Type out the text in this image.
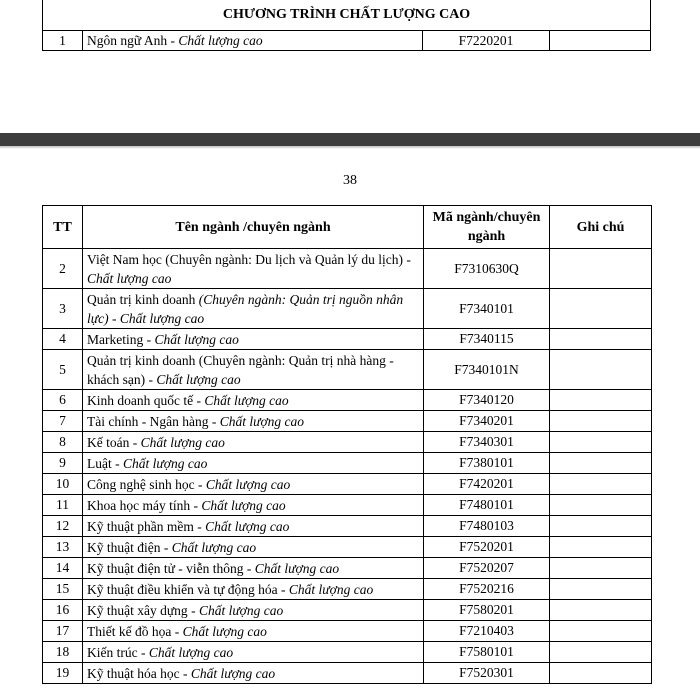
CHƯƠNG TRÌNH CHẤT LƯỢNG CAO
1	Ngôn ngữ Anh - Chất lượng cao	F7220201	
38
TT	Tên ngành /chuyên ngành	Mã ngành/chuyên ngành	Ghi chú
2	Việt Nam học (Chuyên ngành: Du lịch và Quản lý du lịch) - Chất lượng cao	F7310630Q	
3	Quản trị kinh doanh (Chuyên ngành: Quản trị nguồn nhân lực) - Chất lượng cao	F7340101	
4	Marketing - Chất lượng cao	F7340115	
5	Quản trị kinh doanh (Chuyên ngành: Quản trị nhà hàng - khách sạn) - Chất lượng cao	F7340101N	
6	Kinh doanh quốc tế - Chất lượng cao	F7340120	
7	Tài chính - Ngân hàng - Chất lượng cao	F7340201	
8	Kế toán - Chất lượng cao	F7340301	
9	Luật - Chất lượng cao	F7380101	
10	Công nghệ sinh học - Chất lượng cao	F7420201	
11	Khoa học máy tính - Chất lượng cao	F7480101	
12	Kỹ thuật phần mềm - Chất lượng cao	F7480103	
13	Kỹ thuật điện - Chất lượng cao	F7520201	
14	Kỹ thuật điện tử - viễn thông - Chất lượng cao	F7520207	
15	Kỹ thuật điều khiển và tự động hóa - Chất lượng cao	F7520216	
16	Kỹ thuật xây dựng - Chất lượng cao	F7580201	
17	Thiết kế đồ họa - Chất lượng cao	F7210403	
18	Kiến trúc - Chất lượng cao	F7580101	
19	Kỹ thuật hóa học - Chất lượng cao	F7520301	
